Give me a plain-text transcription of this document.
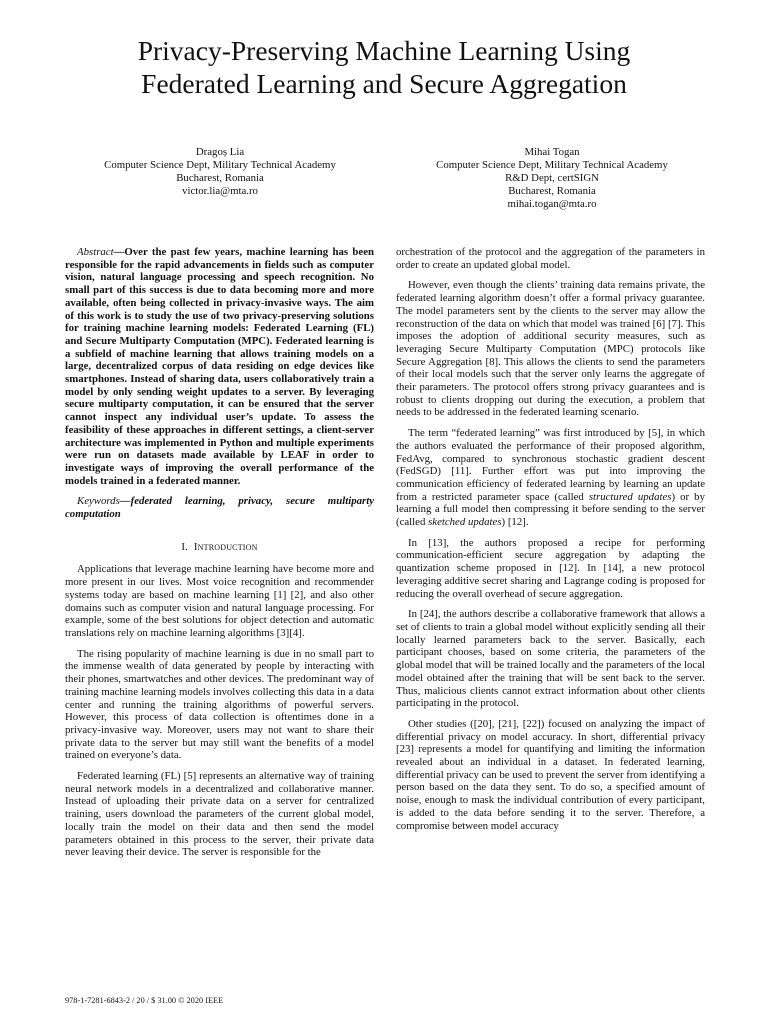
Privacy-Preserving Machine Learning Using
Federated Learning and Secure Aggregation
Dragoș Lia
Computer Science Dept, Military Technical Academy
Bucharest, Romania
victor.lia@mta.ro
Mihai Togan
Computer Science Dept, Military Technical Academy
R&D Dept, certSIGN
Bucharest, Romania
mihai.togan@mta.ro

Abstract—Over the past few years, machine learning has been responsible for the rapid advancements in fields such as computer vision, natural language processing and speech recognition. No small part of this success is due to data becoming more and more available, often being collected in privacy-invasive ways. The aim of this work is to study the use of two privacy-preserving solutions for training machine learning models: Federated Learning (FL) and Secure Multiparty Computation (MPC). Federated learning is a subfield of machine learning that allows training models on a large, decentralized corpus of data residing on edge devices like smartphones. Instead of sharing data, users collaboratively train a model by only sending weight updates to a server. By leveraging secure multiparty computation, it can be ensured that the server cannot inspect any individual user’s update. To assess the feasibility of these approaches in different settings, a client-server architecture was implemented in Python and multiple experiments were run on datasets made available by LEAF in order to investigate ways of improving the overall performance of the models trained in a federated manner.

Keywords—federated learning, privacy, secure multiparty computation

I. Introduction

Applications that leverage machine learning have become more and more present in our lives. Most voice recognition and recommender systems today are based on machine learning [1] [2], and also other domains such as computer vision and natural language processing. For example, some of the best solutions for object detection and automatic translations rely on machine learning algorithms [3][4].

The rising popularity of machine learning is due in no small part to the immense wealth of data generated by people by interacting with their phones, smartwatches and other devices. The predominant way of training machine learning models involves collecting this data in a data center and running the training algorithms of powerful servers. However, this process of data collection is oftentimes done in a privacy-invasive way. Moreover, users may not want to share their private data to the server but may still want the benefits of a model trained on everyone’s data.

Federated learning (FL) [5] represents an alternative way of training neural network models in a decentralized and collaborative manner. Instead of uploading their private data on a server for centralized training, users download the parameters of the current global model, locally train the model on their data and then send the model parameters obtained in this process to the server, their private data never leaving their device. The server is responsible for the

orchestration of the protocol and the aggregation of the parameters in order to create an updated global model.

However, even though the clients’ training data remains private, the federated learning algorithm doesn’t offer a formal privacy guarantee. The model parameters sent by the clients to the server may allow the reconstruction of the data on which that model was trained [6] [7]. This imposes the adoption of additional security measures, such as leveraging Secure Multiparty Computation (MPC) protocols like Secure Aggregation [8]. This allows the clients to send the parameters of their local models such that the server only learns the aggregate of their parameters. The protocol offers strong privacy guarantees and is robust to clients dropping out during the execution, a problem that needs to be addressed in the federated learning scenario.

The term “federated learning” was first introduced by [5], in which the authors evaluated the performance of their proposed algorithm, FedAvg, compared to synchronous stochastic gradient descent (FedSGD) [11]. Further effort was put into improving the communication efficiency of federated learning by learning an update from a restricted parameter space (called structured updates) or by learning a full model then compressing it before sending to the server (called sketched updates) [12].

In [13], the authors proposed a recipe for performing communication-efficient secure aggregation by adapting the quantization scheme proposed in [12]. In [14], a new protocol leveraging additive secret sharing and Lagrange coding is proposed for reducing the overall overhead of secure aggregation.

In [24], the authors describe a collaborative framework that allows a set of clients to train a global model without explicitly sending all their locally learned parameters back to the server. Basically, each participant chooses, based on some criteria, the parameters of the global model that will be trained locally and the parameters of the local model obtained after the training that will be sent back to the server. Thus, malicious clients cannot extract information about other clients participating in the protocol.

Other studies ([20], [21], [22]) focused on analyzing the impact of differential privacy on model accuracy. In short, differential privacy [23] represents a model for quantifying and limiting the information revealed about an individual in a dataset. In federated learning, differential privacy can be used to prevent the server from identifying a person based on the data they sent. To do so, a specified amount of noise, enough to mask the individual contribution of every participant, is added to the data before sending it to the server. Therefore, a compromise between model accuracy

978-1-7281-6843-2 / 20 / $ 31.00 © 2020 IEEE
